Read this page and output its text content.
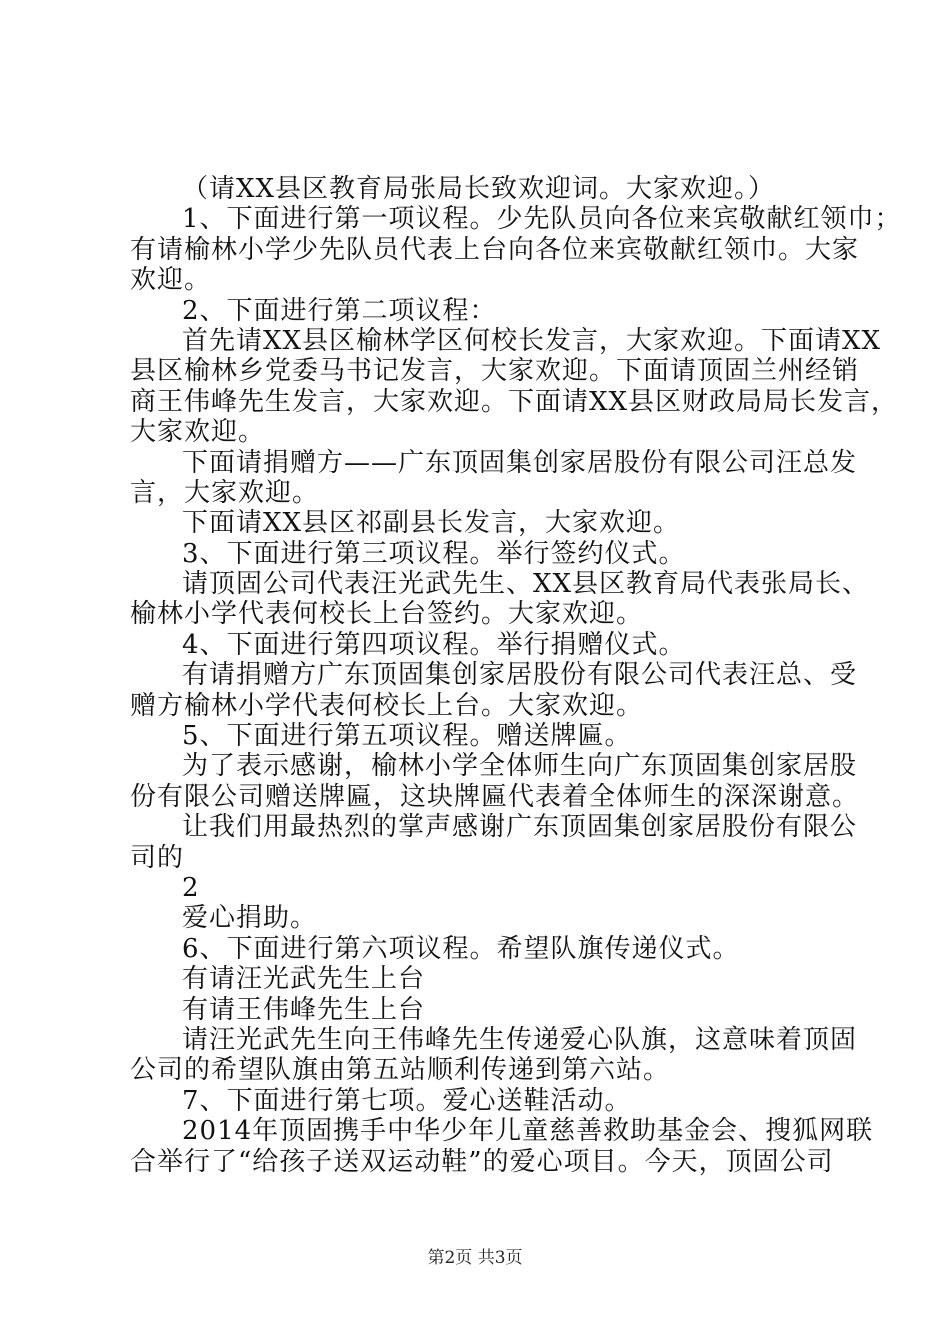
（请XX县区教育局张局长致欢迎词。大家欢迎。）
1、下面进行第一项议程。少先队员向各位来宾敬献红领巾；
有请榆林小学少先队员代表上台向各位来宾敬献红领巾。大家
欢迎。
2、下面进行第二项议程：
首先请XX县区榆林学区何校长发言，大家欢迎。下面请XX
县区榆林乡党委马书记发言，大家欢迎。下面请顶固兰州经销
商王伟峰先生发言，大家欢迎。下面请XX县区财政局局长发言，
大家欢迎。
下面请捐赠方——广东顶固集创家居股份有限公司汪总发
言，大家欢迎。
下面请XX县区祁副县长发言，大家欢迎。
3、下面进行第三项议程。举行签约仪式。
请顶固公司代表汪光武先生、XX县区教育局代表张局长、
榆林小学代表何校长上台签约。大家欢迎。
4、下面进行第四项议程。举行捐赠仪式。
有请捐赠方广东顶固集创家居股份有限公司代表汪总、受
赠方榆林小学代表何校长上台。大家欢迎。
5、下面进行第五项议程。赠送牌匾。
为了表示感谢，榆林小学全体师生向广东顶固集创家居股
份有限公司赠送牌匾，这块牌匾代表着全体师生的深深谢意。
让我们用最热烈的掌声感谢广东顶固集创家居股份有限公
司的
2
爱心捐助。
6、下面进行第六项议程。希望队旗传递仪式。
有请汪光武先生上台
有请王伟峰先生上台
请汪光武先生向王伟峰先生传递爱心队旗，这意味着顶固
公司的希望队旗由第五站顺利传递到第六站。
7、下面进行第七项。爱心送鞋活动。
2014年顶固携手中华少年儿童慈善救助基金会、搜狐网联
合举行了“给孩子送双运动鞋”的爱心项目。今天，顶固公司
第2页 共3页
